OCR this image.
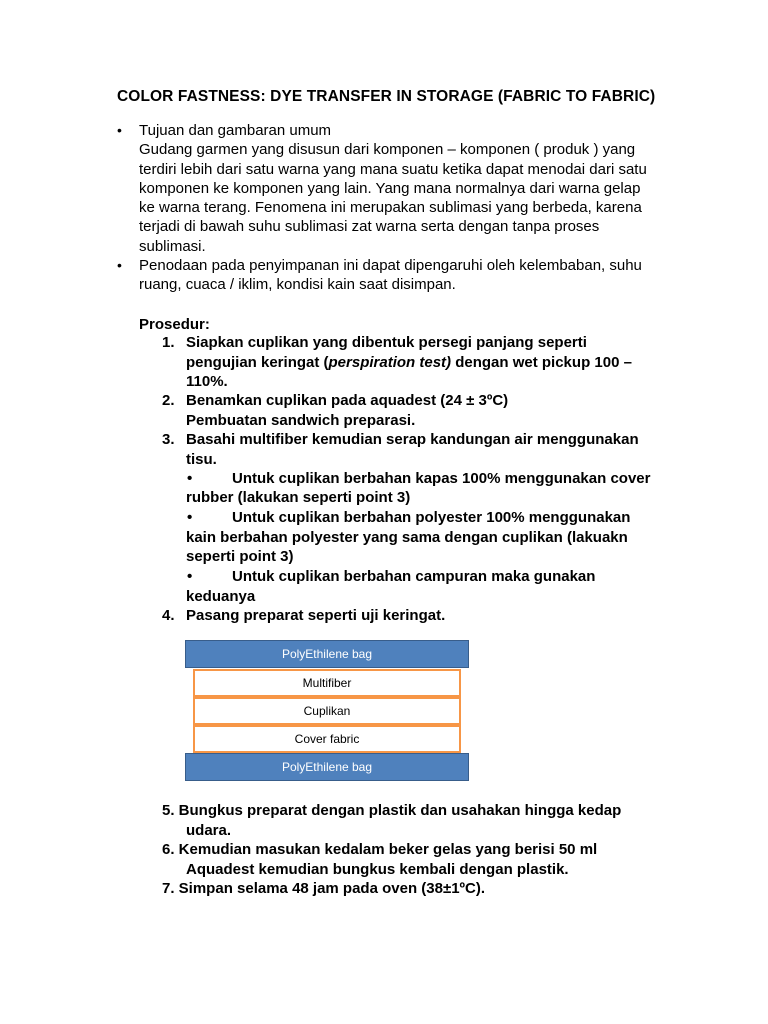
COLOR FASTNESS: DYE TRANSFER IN STORAGE (FABRIC TO FABRIC)
• Tujuan dan gambaran umum
Gudang garmen yang disusun dari komponen – komponen ( produk ) yang
terdiri lebih dari satu warna yang mana suatu ketika dapat menodai dari satu
komponen ke komponen yang lain. Yang mana normalnya dari warna gelap
ke warna terang. Fenomena ini merupakan sublimasi yang berbeda, karena
terjadi di bawah suhu sublimasi zat warna serta dengan tanpa proses
sublimasi.
• Penodaan pada penyimpanan ini dapat dipengaruhi oleh kelembaban, suhu
ruang, cuaca / iklim, kondisi kain saat disimpan.
Prosedur:
1. Siapkan cuplikan yang dibentuk persegi panjang seperti
pengujian keringat (perspiration test) dengan wet pickup 100 –
110%.
2. Benamkan cuplikan pada aquadest (24 ± 3ºC)
Pembuatan sandwich preparasi.
3. Basahi multifiber kemudian serap kandungan air menggunakan
tisu.
•	Untuk cuplikan berbahan kapas 100% menggunakan cover
rubber (lakukan seperti point 3)
•	Untuk cuplikan berbahan polyester 100% menggunakan
kain berbahan polyester yang sama dengan cuplikan (lakuakn
seperti point 3)
•	Untuk cuplikan berbahan campuran maka gunakan
keduanya
4. Pasang preparat seperti uji keringat.
PolyEthilene bag
Multifiber
Cuplikan
Cover fabric
PolyEthilene bag
5. Bungkus preparat dengan plastik dan usahakan hingga kedap
udara.
6. Kemudian masukan kedalam beker gelas yang berisi 50 ml
Aquadest kemudian bungkus kembali dengan plastik.
7. Simpan selama 48 jam pada oven (38±1ºC).
